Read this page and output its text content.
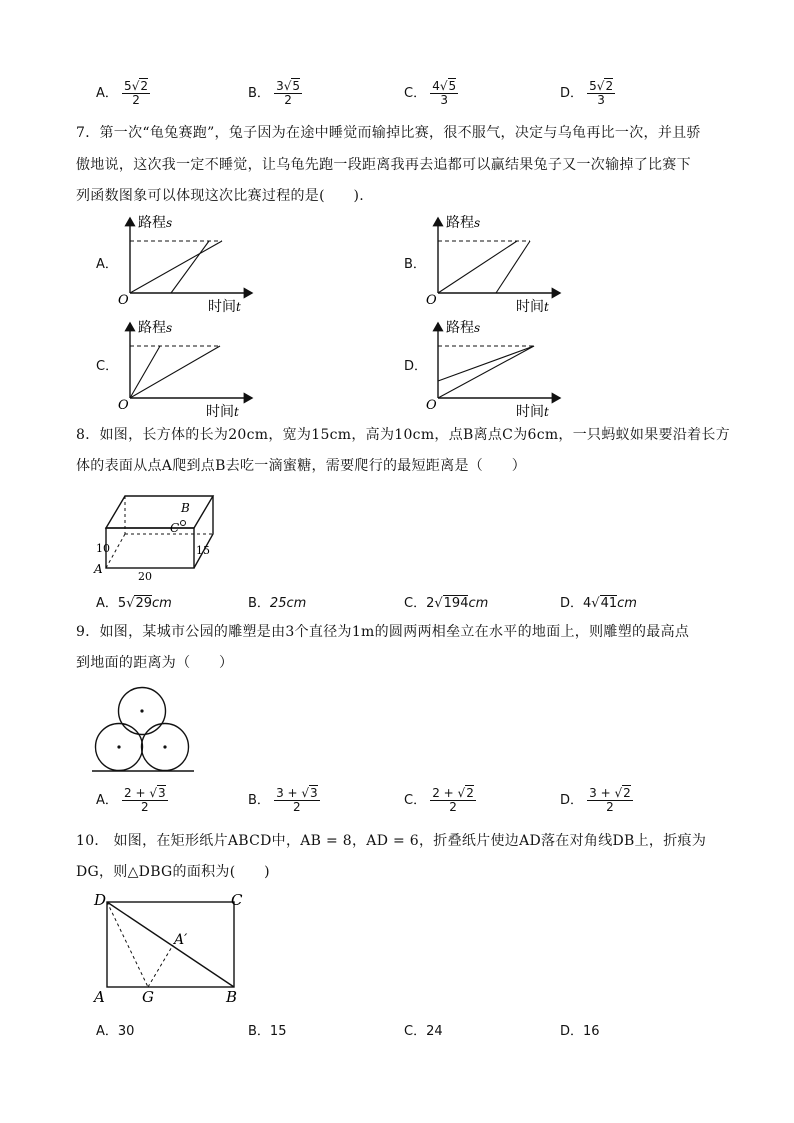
A． $\frac{5√2}{2}$	B． $\frac{3√5}{2}$	C． $\frac{4√5}{3}$	D． $\frac{5√2}{3}$
7．第一次“龟兔赛跑”，兔子因为在途中睡觉而输掉比赛，很不服气，决定与乌龟再比一次，并且骄
傲地说，这次我一定不睡觉，让乌龟先跑一段距离我再去追都可以赢结果兔子又一次输掉了比赛下
列函数图象可以体现这次比赛过程的是(　　).
A．	B．
C．	D．
路程s
O	时间t
路程s
O	时间t
路程s
O	时间t
路程s
O	时间t
8．如图，长方体的长为20cm，宽为15cm，高为10cm，点B离点C为6cm，一只蚂蚁如果要沿着长方
体的表面从点A爬到点B去吃一滴蜜糖，需要爬行的最短距离是（　　）
B
C
A
10	15
20
A．5√29cm	B．25cm	C．2√194cm	D．4√41cm
9．如图，某城市公园的雕塑是由3个直径为1m的圆两两相垒立在水平的地面上，则雕塑的最高点
到地面的距离为（　　）
A． $\frac{2 + √3}{2}$	B． $\frac{3 + √3}{2}$	C． $\frac{2 + √2}{2}$	D． $\frac{3 + √2}{2}$
10． 如图，在矩形纸片ABCD中，AB = 8，AD = 6，折叠纸片使边AD落在对角线DB上，折痕为
DG，则△DBG的面积为(　　)
D	C
A′
A G	B
A．30	B．15	C．24	D．16
